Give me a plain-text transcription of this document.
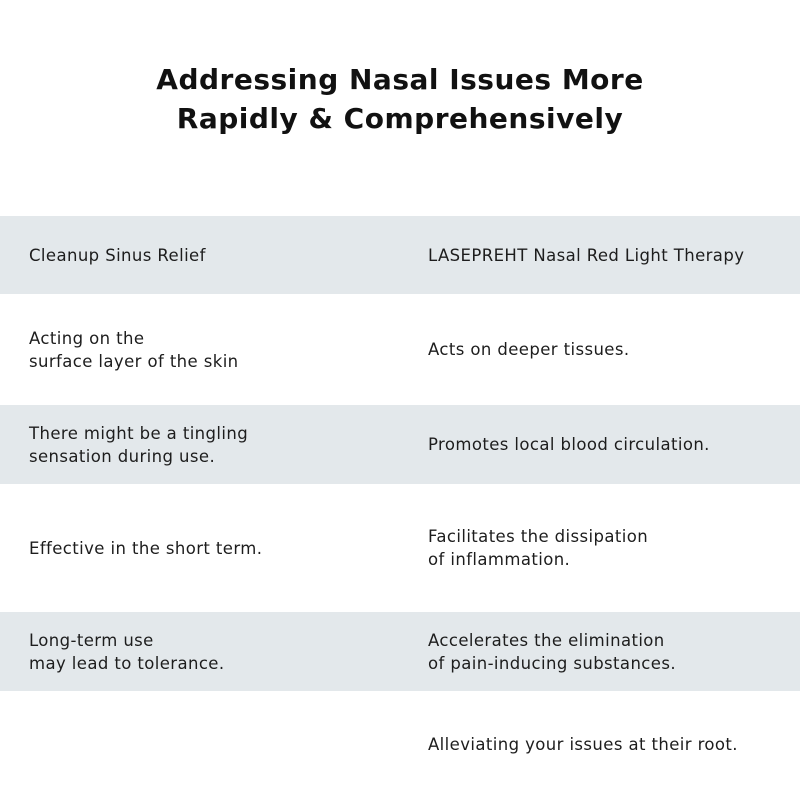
Addressing Nasal Issues More
Rapidly & Comprehensively
Cleanup Sinus Relief	LASEPREHT Nasal Red Light Therapy
Acting on the
surface layer of the skin
Acts on deeper tissues.
There might be a tingling
sensation during use.
Promotes local blood circulation.
Effective in the short term.
Facilitates the dissipation
of inflammation.
Long-term use
may lead to tolerance.
Accelerates the elimination
of pain-inducing substances.
Alleviating your issues at their root.
